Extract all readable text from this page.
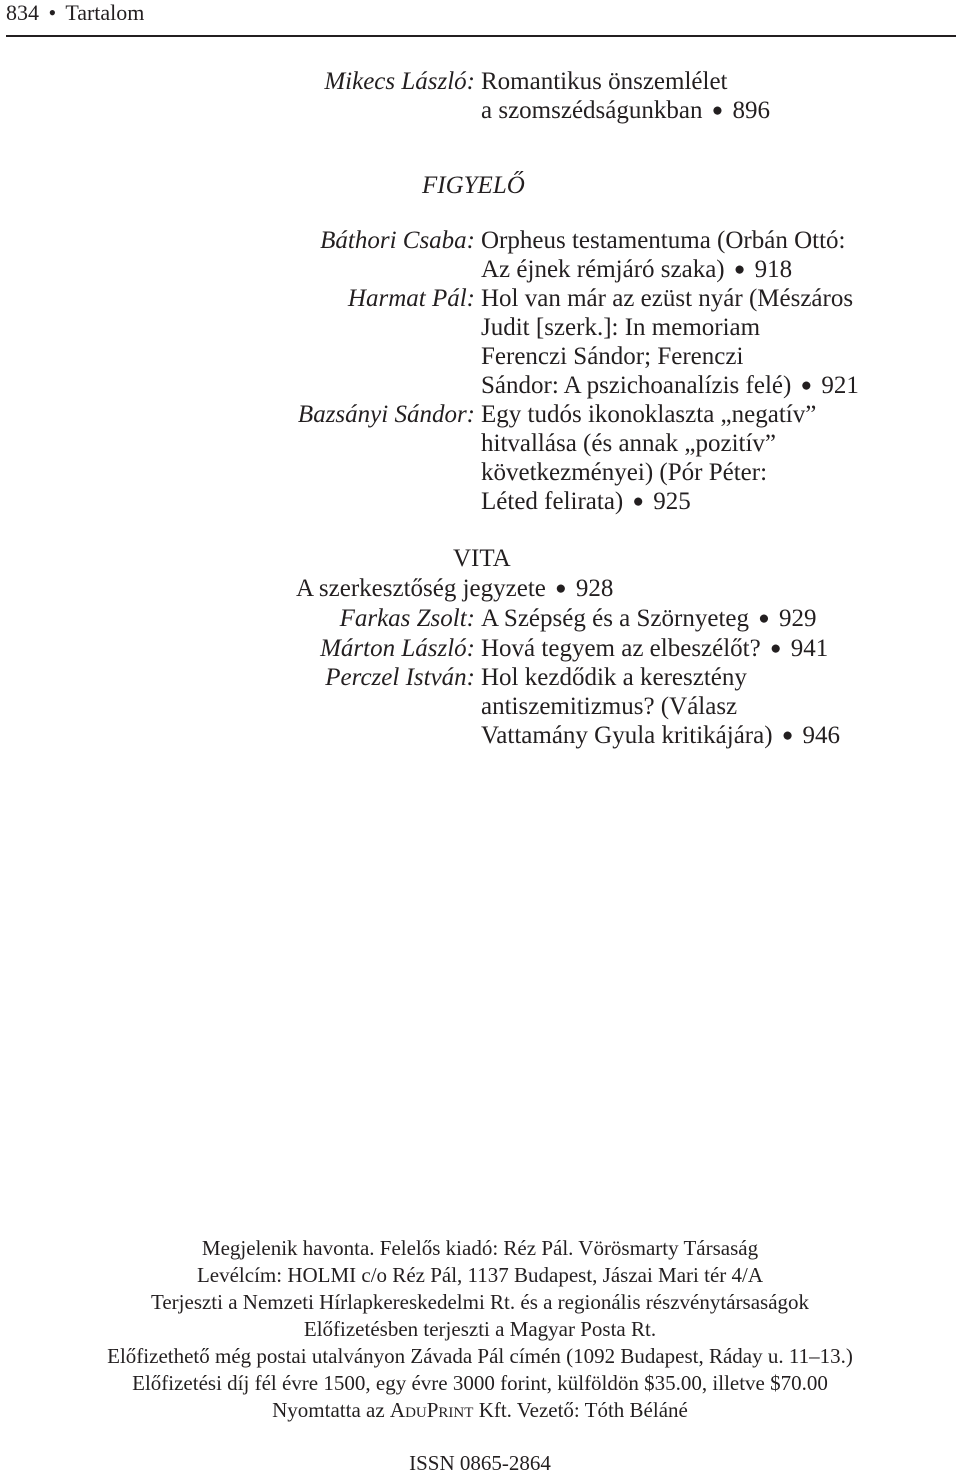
834 • Tartalom
Mikecs László: Romantikus önszemlélet
a szomszédságunkban ● 896
FIGYELŐ
Báthori Csaba: Orpheus testamentuma (Orbán Ottó:
Az éjnek rémjáró szaka) ● 918
Harmat Pál: Hol van már az ezüst nyár (Mészáros
Judit [szerk.]: In memoriam
Ferenczi Sándor; Ferenczi
Sándor: A pszichoanalízis felé) ● 921
Bazsányi Sándor: Egy tudós ikonoklaszta „negatív”
hitvallása (és annak „pozitív”
következményei) (Pór Péter:
Léted felirata) ● 925
VITA
A szerkesztőség jegyzete ● 928
Farkas Zsolt: A Szépség és a Szörnyeteg ● 929
Márton László: Hová tegyem az elbeszélőt? ● 941
Perczel István: Hol kezdődik a keresztény
antiszemitizmus? (Válasz
Vattamány Gyula kritikájára) ● 946
Megjelenik havonta. Felelős kiadó: Réz Pál. Vörösmarty Társaság
Levélcím: HOLMI c/o Réz Pál, 1137 Budapest, Jászai Mari tér 4/A
Terjeszti a Nemzeti Hírlapkereskedelmi Rt. és a regionális részvénytársaságok
Előfizetésben terjeszti a Magyar Posta Rt.
Előfizethető még postai utalványon Závada Pál címén (1092 Budapest, Ráday u. 11–13.)
Előfizetési díj fél évre 1500, egy évre 3000 forint, külföldön $35.00, illetve $70.00
Nyomtatta az AduPrint Kft. Vezető: Tóth Béláné
ISSN 0865-2864
